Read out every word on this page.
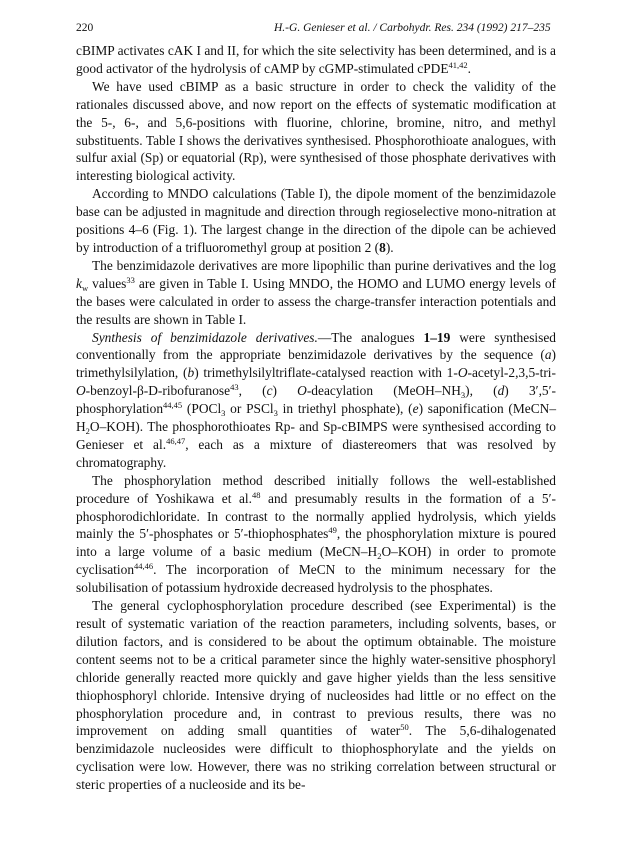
220	H.-G. Genieser et al. / Carbohydr. Res. 234 (1992) 217–235

cBIMP activates cAK I and II, for which the site selectivity has been determined, and is a good activator of the hydrolysis of cAMP by cGMP-stimulated cPDE$^{41,42}$.

We have used cBIMP as a basic structure in order to check the validity of the rationales discussed above, and now report on the effects of systematic modification at the 5-, 6-, and 5,6-positions with fluorine, chlorine, bromine, nitro, and methyl substituents. Table I shows the derivatives synthesised. Phosphorothioate analogues, with sulfur axial (Sp) or equatorial (Rp), were synthesised of those phosphate derivatives with interesting biological activity.

According to MNDO calculations (Table I), the dipole moment of the benzimidazole base can be adjusted in magnitude and direction through regioselective mono-nitration at positions 4–6 (Fig. 1). The largest change in the direction of the dipole can be achieved by introduction of a trifluoromethyl group at position 2 (8).

The benzimidazole derivatives are more lipophilic than purine derivatives and the $\log k_w$ values$^{33}$ are given in Table I. Using MNDO, the HOMO and LUMO energy levels of the bases were calculated in order to assess the charge-transfer interaction potentials and the results are shown in Table I.

Synthesis of benzimidazole derivatives.—The analogues 1–19 were synthesised conventionally from the appropriate benzimidazole derivatives by the sequence (a) trimethylsilylation, (b) trimethylsilyltriflate-catalysed reaction with 1-O-acetyl-2,3,5-tri-O-benzoyl-β-D-ribofuranose$^{43}$, (c) O-deacylation $(MeOH-NH_3)$, (d) 3′,5′-phosphorylation$^{44,45}$ (POCl$_3$ or PSCl$_3$ in triethyl phosphate), (e) saponification $(MeCN-H_2O-KOH)$. The phosphorothioates Rp- and Sp-cBIMPS were synthesised according to Genieser et al.$^{46,47}$, each as a mixture of diastereomers that was resolved by chromatography.

The phosphorylation method described initially follows the well-established procedure of Yoshikawa et al.$^{48}$ and presumably results in the formation of a 5′-phosphorodichloridate. In contrast to the normally applied hydrolysis, which yields mainly the 5′-phosphates or 5′-thiophosphates$^{49}$, the phosphorylation mixture is poured into a large volume of a basic medium $(MeCN-H_2O-KOH)$ in order to promote cyclisation$^{44,46}$. The incorporation of MeCN to the minimum necessary for the solubilisation of potassium hydroxide decreased hydrolysis to the phosphates.

The general cyclophosphorylation procedure described (see Experimental) is the result of systematic variation of the reaction parameters, including solvents, bases, or dilution factors, and is considered to be about the optimum obtainable. The moisture content seems not to be a critical parameter since the highly water-sensitive phosphoryl chloride generally reacted more quickly and gave higher yields than the less sensitive thiophosphoryl chloride. Intensive drying of nucleosides had little or no effect on the phosphorylation procedure and, in contrast to previous results, there was no improvement on adding small quantities of water$^{50}$. The 5,6-dihalogenated benzimidazole nucleosides were difficult to thiophosphorylate and the yields on cyclisation were low. However, there was no striking correlation between structural or steric properties of a nucleoside and its be-
